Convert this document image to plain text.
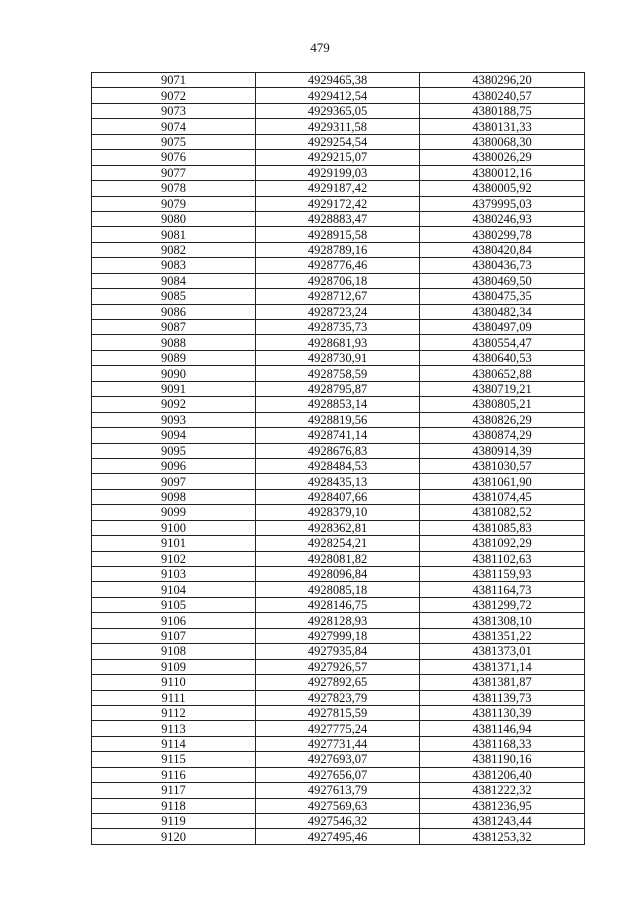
479
9071	4929465,38	4380296,20
9072	4929412,54	4380240,57
9073	4929365,05	4380188,75
9074	4929311,58	4380131,33
9075	4929254,54	4380068,30
9076	4929215,07	4380026,29
9077	4929199,03	4380012,16
9078	4929187,42	4380005,92
9079	4929172,42	4379995,03
9080	4928883,47	4380246,93
9081	4928915,58	4380299,78
9082	4928789,16	4380420,84
9083	4928776,46	4380436,73
9084	4928706,18	4380469,50
9085	4928712,67	4380475,35
9086	4928723,24	4380482,34
9087	4928735,73	4380497,09
9088	4928681,93	4380554,47
9089	4928730,91	4380640,53
9090	4928758,59	4380652,88
9091	4928795,87	4380719,21
9092	4928853,14	4380805,21
9093	4928819,56	4380826,29
9094	4928741,14	4380874,29
9095	4928676,83	4380914,39
9096	4928484,53	4381030,57
9097	4928435,13	4381061,90
9098	4928407,66	4381074,45
9099	4928379,10	4381082,52
9100	4928362,81	4381085,83
9101	4928254,21	4381092,29
9102	4928081,82	4381102,63
9103	4928096,84	4381159,93
9104	4928085,18	4381164,73
9105	4928146,75	4381299,72
9106	4928128,93	4381308,10
9107	4927999,18	4381351,22
9108	4927935,84	4381373,01
9109	4927926,57	4381371,14
9110	4927892,65	4381381,87
9111	4927823,79	4381139,73
9112	4927815,59	4381130,39
9113	4927775,24	4381146,94
9114	4927731,44	4381168,33
9115	4927693,07	4381190,16
9116	4927656,07	4381206,40
9117	4927613,79	4381222,32
9118	4927569,63	4381236,95
9119	4927546,32	4381243,44
9120	4927495,46	4381253,32
